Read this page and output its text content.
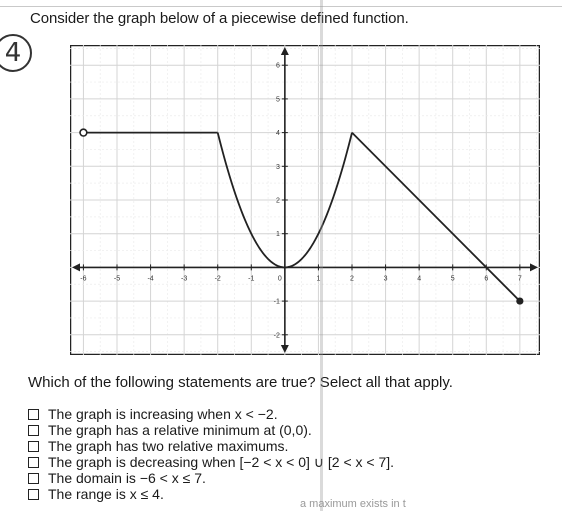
4
Consider the graph below of a piecewise defined function.
-6	-5	-4	-3	-2	-1	0	1	2	3	4	5	6	7
-2
-1
1
2
3
4
5
6
Which of the following statements are true? Select all that apply.
The graph is increasing when x < −2.
The graph has a relative minimum at (0,0).
The graph has two relative maximums.
The graph is decreasing when [−2 < x < 0] ∪ [2 < x < 7].
The domain is −6 < x ≤ 7.
The range is x ≤ 4.
a maximum exists in t
